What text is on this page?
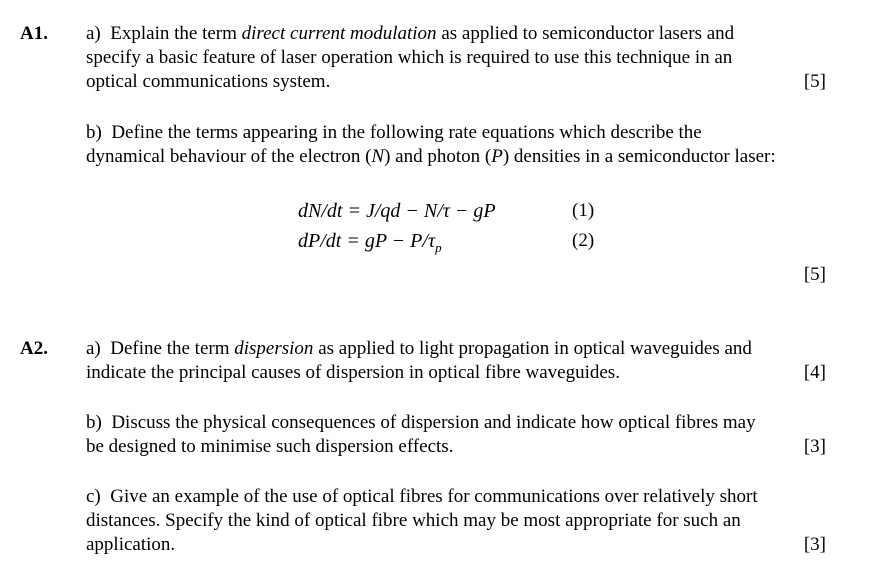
A1. a) Explain the term direct current modulation as applied to semiconductor lasers and
specify a basic feature of laser operation which is required to use this technique in an
optical communications system.	[5]
b) Define the terms appearing in the following rate equations which describe the
dynamical behaviour of the electron (N) and photon (P) densities in a semiconductor laser:
dN/dt = J/qd − N/τ − gP	(1)
dP/dt = gP − $P/\tau_p$	(2)
[5]
A2. a) Define the term dispersion as applied to light propagation in optical waveguides and
indicate the principal causes of dispersion in optical fibre waveguides.	[4]
b) Discuss the physical consequences of dispersion and indicate how optical fibres may
be designed to minimise such dispersion effects.	[3]
c) Give an example of the use of optical fibres for communications over relatively short
distances. Specify the kind of optical fibre which may be most appropriate for such an
application.	[3]
